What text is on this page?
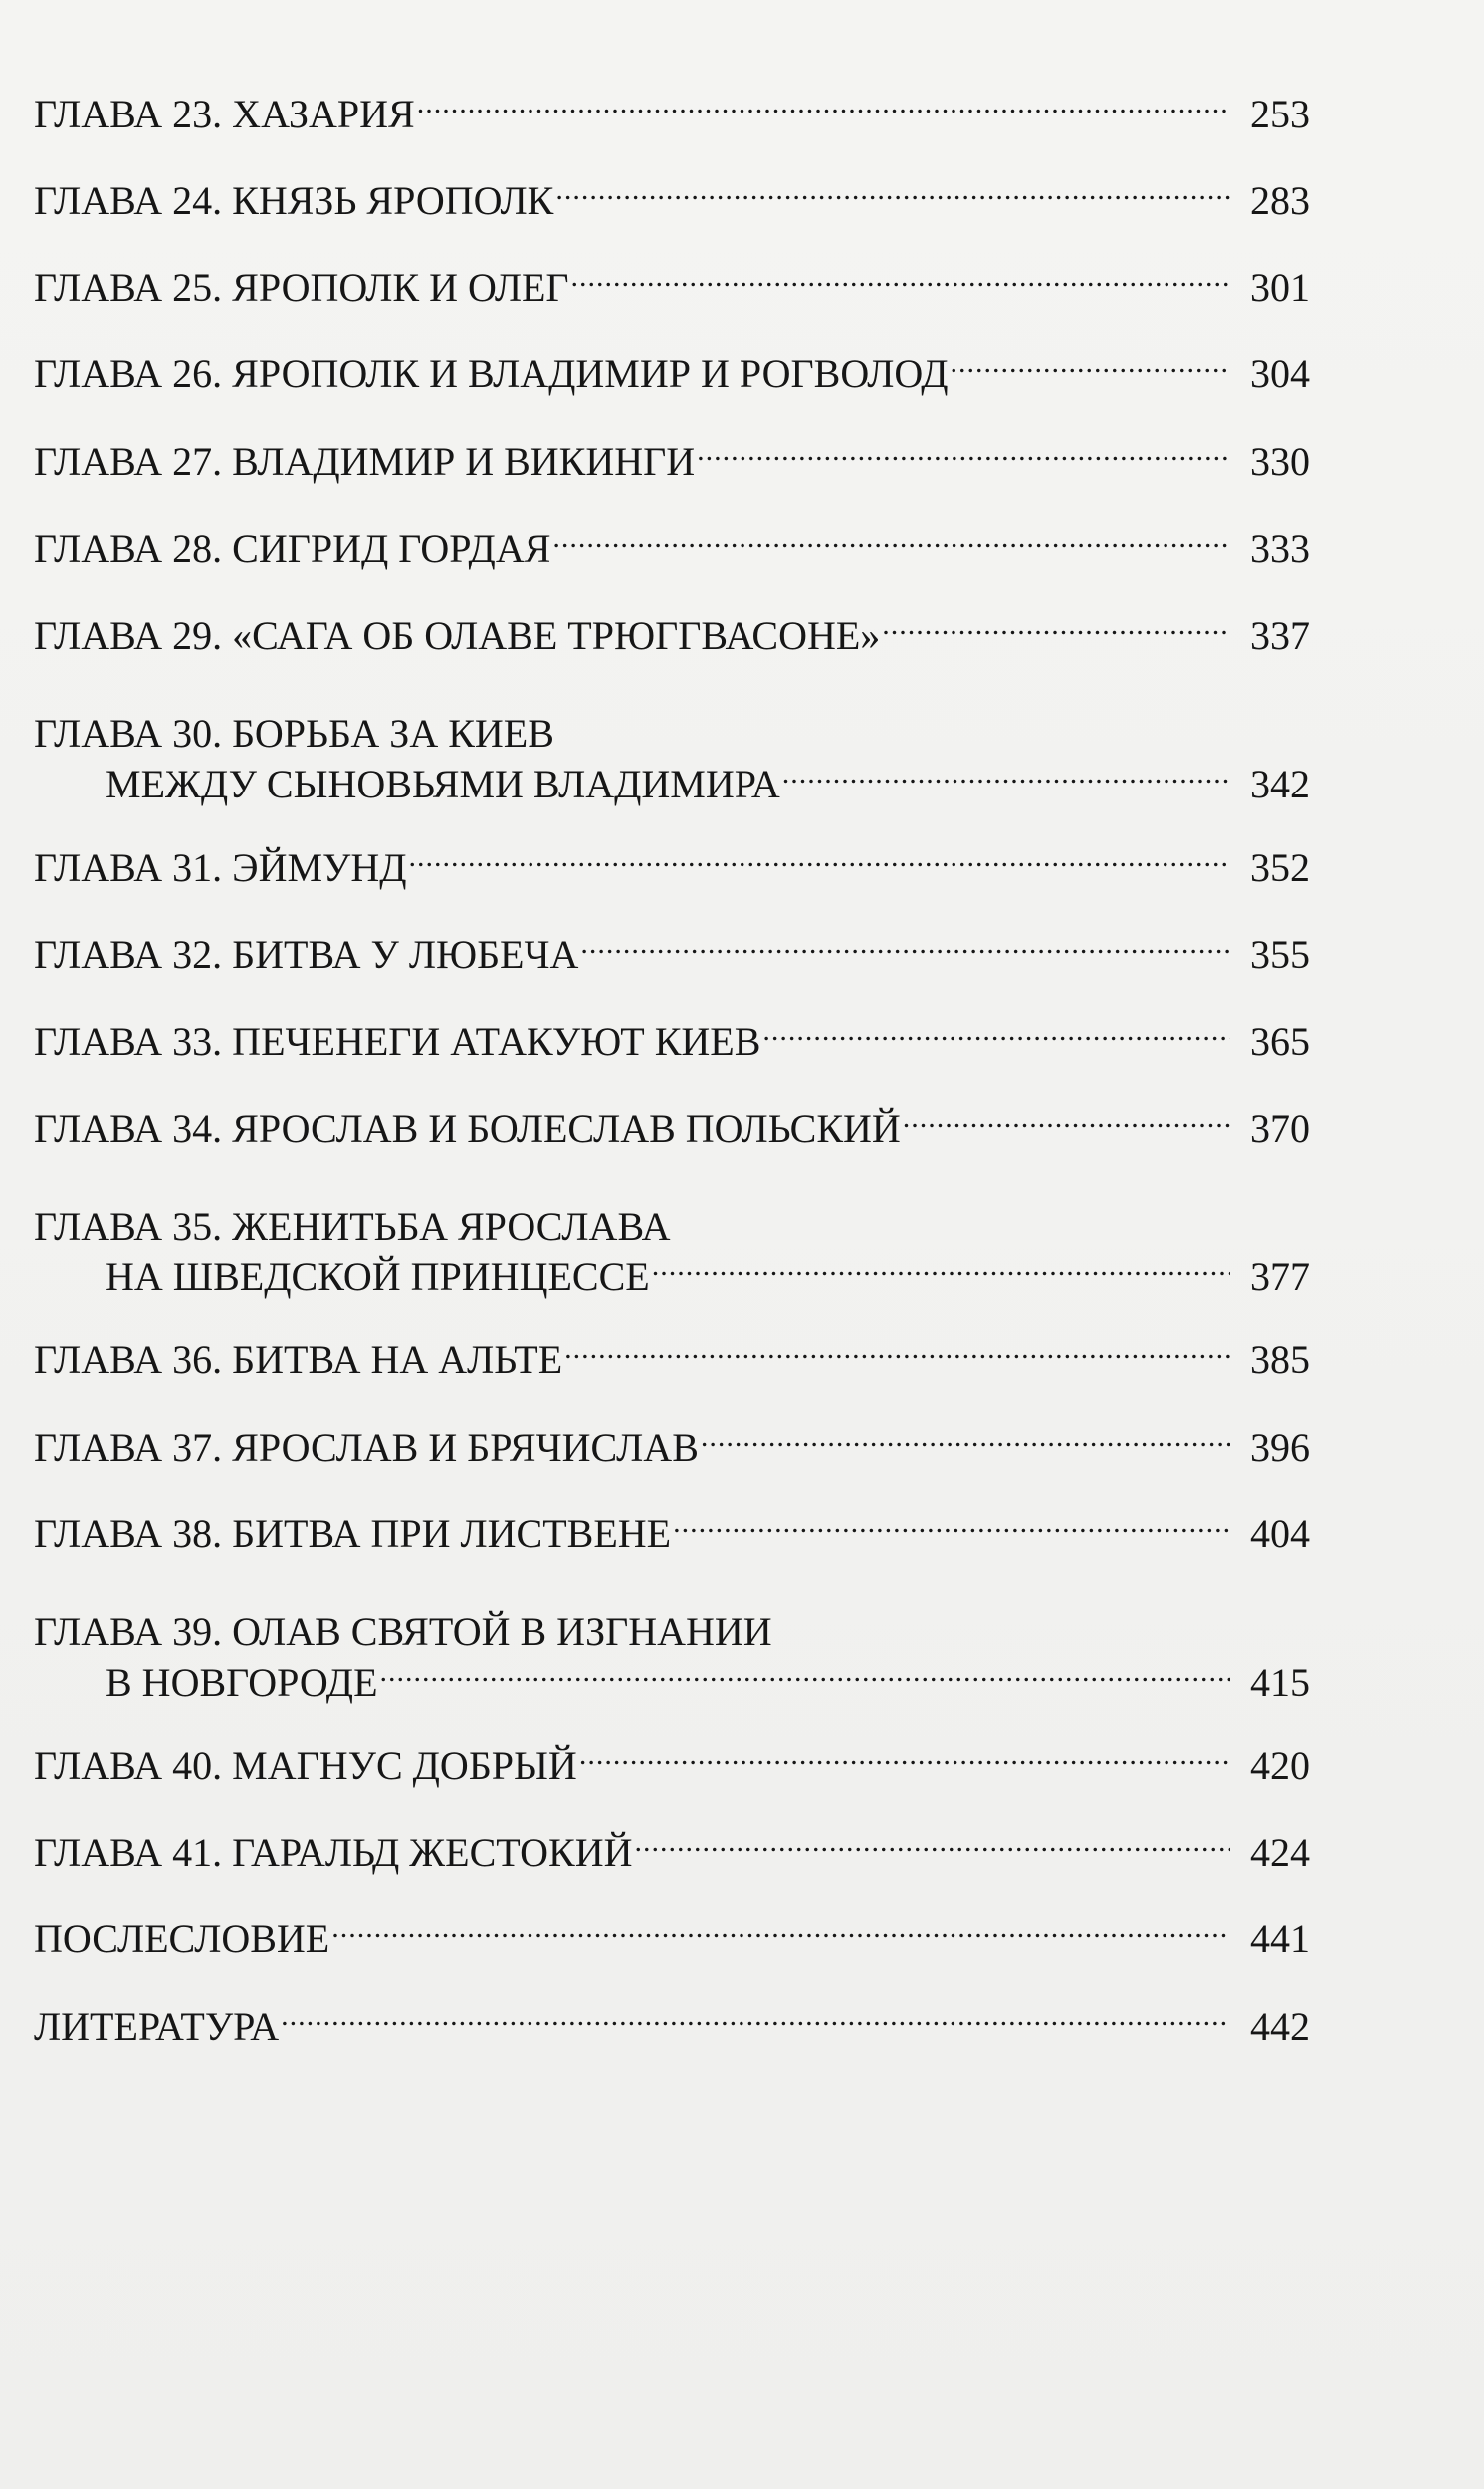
ГЛАВА 23. ХАЗАРИЯ .....	253
ГЛАВА 24. КНЯЗЬ ЯРОПОЛК .....	283
ГЛАВА 25. ЯРОПОЛК И ОЛЕГ .....	301
ГЛАВА 26. ЯРОПОЛК И ВЛАДИМИР И РОГВОЛОД .....	304
ГЛАВА 27. ВЛАДИМИР И ВИКИНГИ .....	330
ГЛАВА 28. СИГРИД ГОРДАЯ .....	333
ГЛАВА 29. «САГА ОБ ОЛАВЕ ТРЮГГВАСОНЕ» .....	337
ГЛАВА 30. БОРЬБА ЗА КИЕВ
МЕЖДУ СЫНОВЬЯМИ ВЛАДИМИРА .....	342
ГЛАВА 31. ЭЙМУНД .....	352
ГЛАВА 32. БИТВА У ЛЮБЕЧА .....	355
ГЛАВА 33. ПЕЧЕНЕГИ АТАКУЮТ КИЕВ .....	365
ГЛАВА 34. ЯРОСЛАВ И БОЛЕСЛАВ ПОЛЬСКИЙ .....	370
ГЛАВА 35. ЖЕНИТЬБА ЯРОСЛАВА
НА ШВЕДСКОЙ ПРИНЦЕССЕ .....	377
ГЛАВА 36. БИТВА НА АЛЬТЕ .....	385
ГЛАВА 37. ЯРОСЛАВ И БРЯЧИСЛАВ .....	396
ГЛАВА 38. БИТВА ПРИ ЛИСТВЕНЕ .....	404
ГЛАВА 39. ОЛАВ СВЯТОЙ В ИЗГНАНИИ
В НОВГОРОДЕ .....	415
ГЛАВА 40. МАГНУС ДОБРЫЙ .....	420
ГЛАВА 41. ГАРАЛЬД ЖЕСТОКИЙ .....	424
ПОСЛЕСЛОВИЕ .....	441
ЛИТЕРАТУРА .....	442
